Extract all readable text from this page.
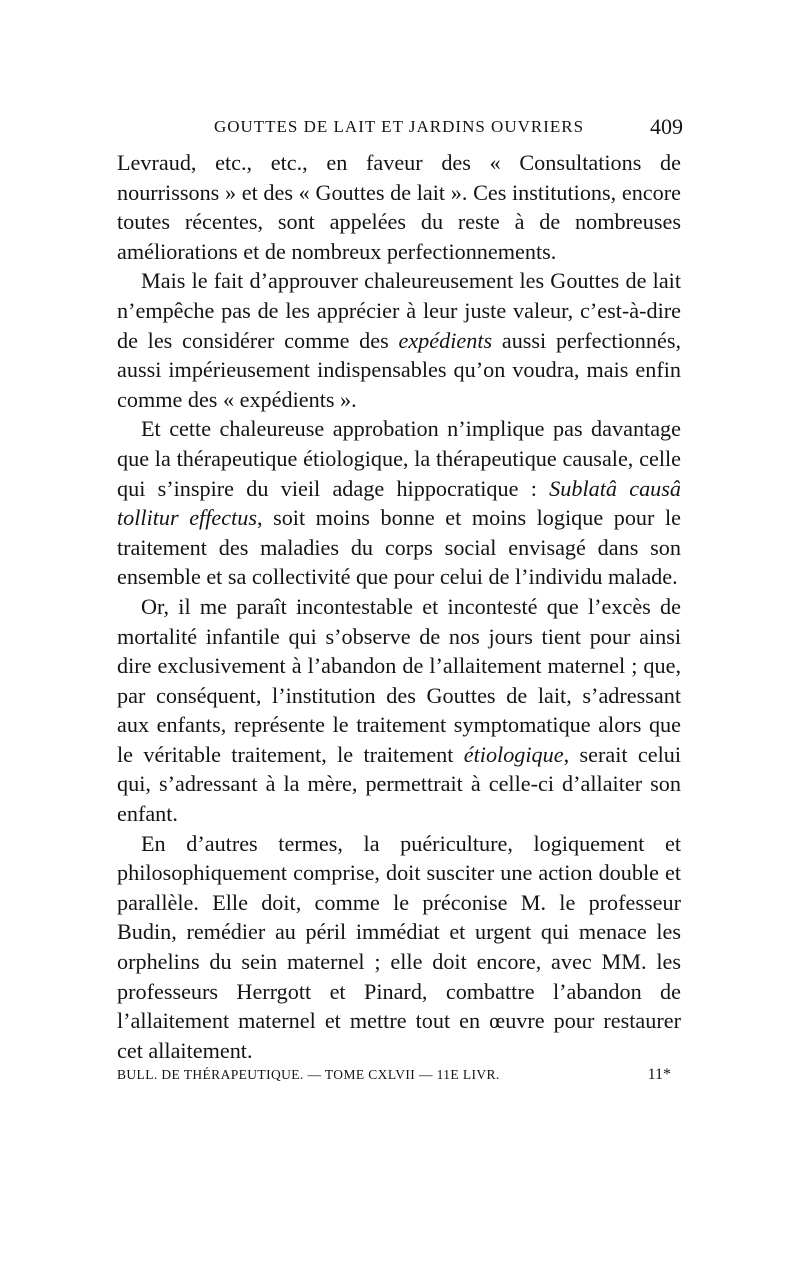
GOUTTES DE LAIT ET JARDINS OUVRIERS	409

Levraud, etc., etc., en faveur des « Consultations de nourrissons » et des « Gouttes de lait ». Ces institutions, encore toutes récentes, sont appelées du reste à de nombreuses améliorations et de nombreux perfectionnements.

Mais le fait d’approuver chaleureusement les Gouttes de lait n’empêche pas de les apprécier à leur juste valeur, c’est-à-dire de les considérer comme des expédients aussi perfectionnés, aussi impérieusement indispensables qu’on voudra, mais enfin comme des « expédients ».

Et cette chaleureuse approbation n’implique pas davantage que la thérapeutique étiologique, la thérapeutique causale, celle qui s’inspire du vieil adage hippocratique : Sublatâ causâ tollitur effectus, soit moins bonne et moins logique pour le traitement des maladies du corps social envisagé dans son ensemble et sa collectivité que pour celui de l’individu malade.

Or, il me paraît incontestable et incontesté que l’excès de mortalité infantile qui s’observe de nos jours tient pour ainsi dire exclusivement à l’abandon de l’allaitement maternel ; que, par conséquent, l’institution des Gouttes de lait, s’adressant aux enfants, représente le traitement symptomatique alors que le véritable traitement, le traitement étiologique, serait celui qui, s’adressant à la mère, permettrait à celle-ci d’allaiter son enfant.

En d’autres termes, la puériculture, logiquement et philosophiquement comprise, doit susciter une action double et parallèle. Elle doit, comme le préconise M. le professeur Budin, remédier au péril immédiat et urgent qui menace les orphelins du sein maternel ; elle doit encore, avec MM. les professeurs Herrgott et Pinard, combattre l’abandon de l’allaitement maternel et mettre tout en œuvre pour restaurer cet allaitement.

BULL. DE THÉRAPEUTIQUE. — TOME CXLVII — 11E LIVR.	11*
